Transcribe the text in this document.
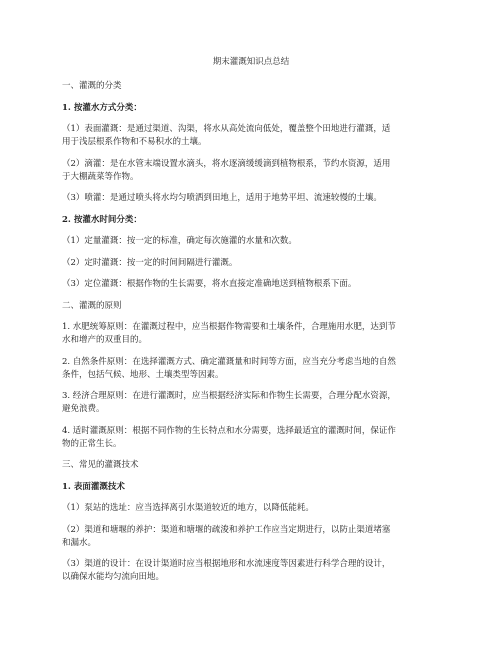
期末灌溉知识点总结
一、灌溉的分类
1. 按灌水方式分类：
（1）表面灌溉：是通过渠道、沟渠，将水从高处流向低处，覆盖整个田地进行灌溉，适
用于浅层根系作物和不易积水的土壤。
（2）滴灌：是在水管末端设置水滴头，将水逐滴缓缓滴到植物根系，节约水资源，适用
于大棚蔬菜等作物。
（3）喷灌：是通过喷头将水均匀喷洒到田地上，适用于地势平坦、流速较慢的土壤。
2. 按灌水时间分类：
（1）定量灌溉：按一定的标准，确定每次施灌的水量和次数。
（2）定时灌溉：按一定的时间间隔进行灌溉。
（3）定位灌溉：根据作物的生长需要，将水直接定准确地送到植物根系下面。
二、灌溉的原则
1. 水肥统筹原则：在灌溉过程中，应当根据作物需要和土壤条件，合理施用水肥，达到节
水和增产的双重目的。
2. 自然条件原则：在选择灌溉方式、确定灌溉量和时间等方面，应当充分考虑当地的自然
条件，包括气候、地形、土壤类型等因素。
3. 经济合理原则：在进行灌溉时，应当根据经济实际和作物生长需要，合理分配水资源，
避免浪费。
4. 适时灌溉原则：根据不同作物的生长特点和水分需要，选择最适宜的灌溉时间，保证作
物的正常生长。
三、常见的灌溉技术
1. 表面灌溉技术
（1）泵站的选址：应当选择离引水渠道较近的地方，以降低能耗。
（2）渠道和塘堰的养护：渠道和塘堰的疏浚和养护工作应当定期进行，以防止渠道堵塞
和漏水。
（3）渠道的设计：在设计渠道时应当根据地形和水流速度等因素进行科学合理的设计，
以确保水能均匀流向田地。
